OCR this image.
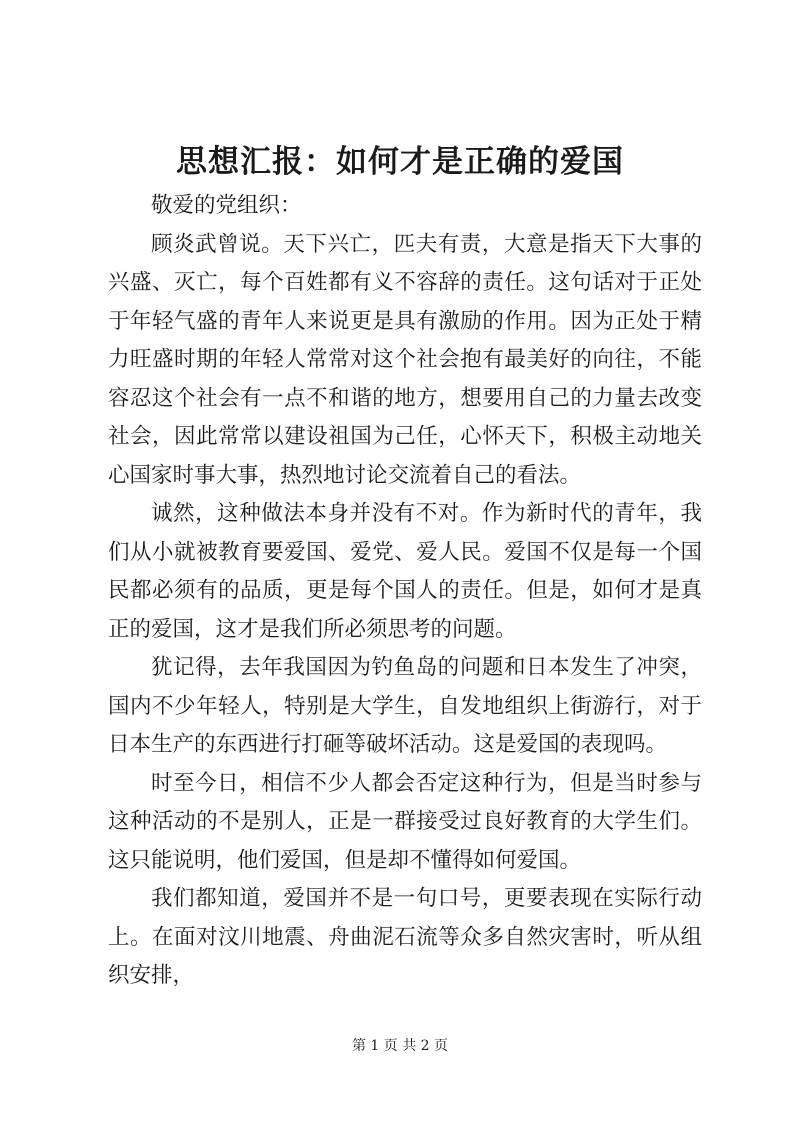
思想汇报：如何才是正确的爱国

敬爱的党组织：

顾炎武曾说。天下兴亡，匹夫有责，大意是指天下大事的兴盛、灭亡，每个百姓都有义不容辞的责任。这句话对于正处于年轻气盛的青年人来说更是具有激励的作用。因为正处于精力旺盛时期的年轻人常常对这个社会抱有最美好的向往，不能容忍这个社会有一点不和谐的地方，想要用自己的力量去改变社会，因此常常以建设祖国为己任，心怀天下，积极主动地关心国家时事大事，热烈地讨论交流着自己的看法。

诚然，这种做法本身并没有不对。作为新时代的青年，我们从小就被教育要爱国、爱党、爱人民。爱国不仅是每一个国民都必须有的品质，更是每个国人的责任。但是，如何才是真正的爱国，这才是我们所必须思考的问题。

犹记得，去年我国因为钓鱼岛的问题和日本发生了冲突，国内不少年轻人，特别是大学生，自发地组织上街游行，对于日本生产的东西进行打砸等破坏活动。这是爱国的表现吗。

时至今日，相信不少人都会否定这种行为，但是当时参与这种活动的不是别人，正是一群接受过良好教育的大学生们。这只能说明，他们爱国，但是却不懂得如何爱国。

我们都知道，爱国并不是一句口号，更要表现在实际行动上。在面对汶川地震、舟曲泥石流等众多自然灾害时，听从组织安排，

第 1 页 共 2 页
